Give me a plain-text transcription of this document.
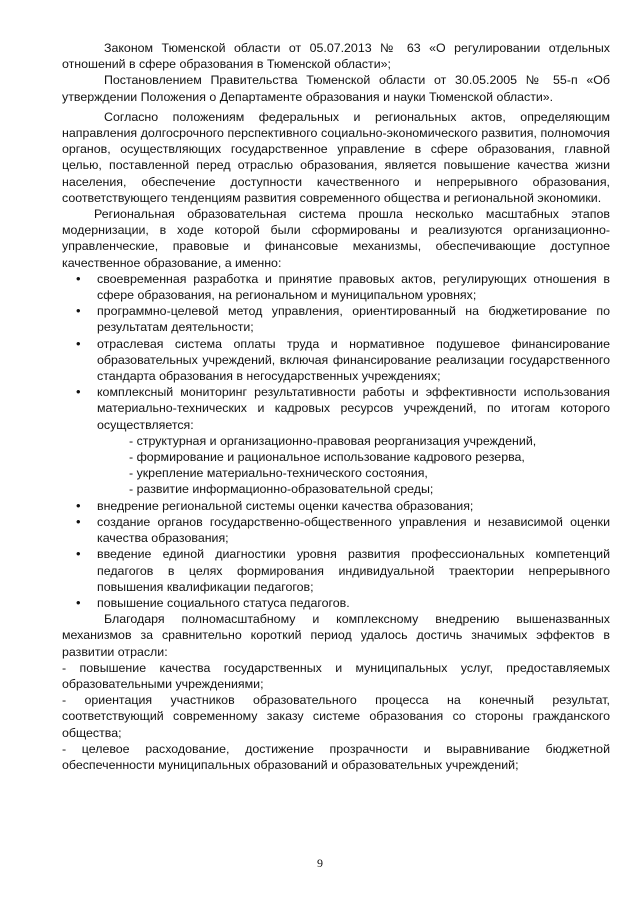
Законом Тюменской области от 05.07.2013 № 63 «О регулировании отдельных отношений в сфере образования в Тюменской области»;

Постановлением Правительства Тюменской области от 30.05.2005 № 55-п «Об утверждении Положения о Департаменте образования и науки Тюменской области».

Согласно положениям федеральных и региональных актов, определяющим направления долгосрочного перспективного социально-экономического развития, полномочия органов, осуществляющих государственное управление в сфере образования, главной целью, поставленной перед отраслью образования, является повышение качества жизни населения, обеспечение доступности качественного и непрерывного образования, соответствующего тенденциям развития современного общества и региональной экономики.

Региональная образовательная система прошла несколько масштабных этапов модернизации, в ходе которой были сформированы и реализуются организационно-управленческие, правовые и финансовые механизмы, обеспечивающие доступное качественное образование, а именно:

• своевременная разработка и принятие правовых актов, регулирующих отношения в сфере образования, на региональном и муниципальном уровнях;
• программно-целевой метод управления, ориентированный на бюджетирование по результатам деятельности;
• отраслевая система оплаты труда и нормативное подушевое финансирование образовательных учреждений, включая финансирование реализации государственного стандарта образования в негосударственных учреждениях;
• комплексный мониторинг результативности работы и эффективности использования материально-технических и кадровых ресурсов учреждений, по итогам которого осуществляется:
- структурная и организационно-правовая реорганизация учреждений,
- формирование и рациональное использование кадрового резерва,
- укрепление материально-технического состояния,
- развитие информационно-образовательной среды;
• внедрение региональной системы оценки качества образования;
• создание органов государственно-общественного управления и независимой оценки качества образования;
• введение единой диагностики уровня развития профессиональных компетенций педагогов в целях формирования индивидуальной траектории непрерывного повышения квалификации педагогов;
• повышение социального статуса педагогов.

Благодаря полномасштабному и комплексному внедрению вышеназванных механизмов за сравнительно короткий период удалось достичь значимых эффектов в развитии отрасли:

- повышение качества государственных и муниципальных услуг, предоставляемых образовательными учреждениями;

- ориентация участников образовательного процесса на конечный результат, соответствующий современному заказу системе образования со стороны гражданского общества;

- целевое расходование, достижение прозрачности и выравнивание бюджетной обеспеченности муниципальных образований и образовательных учреждений;

9
